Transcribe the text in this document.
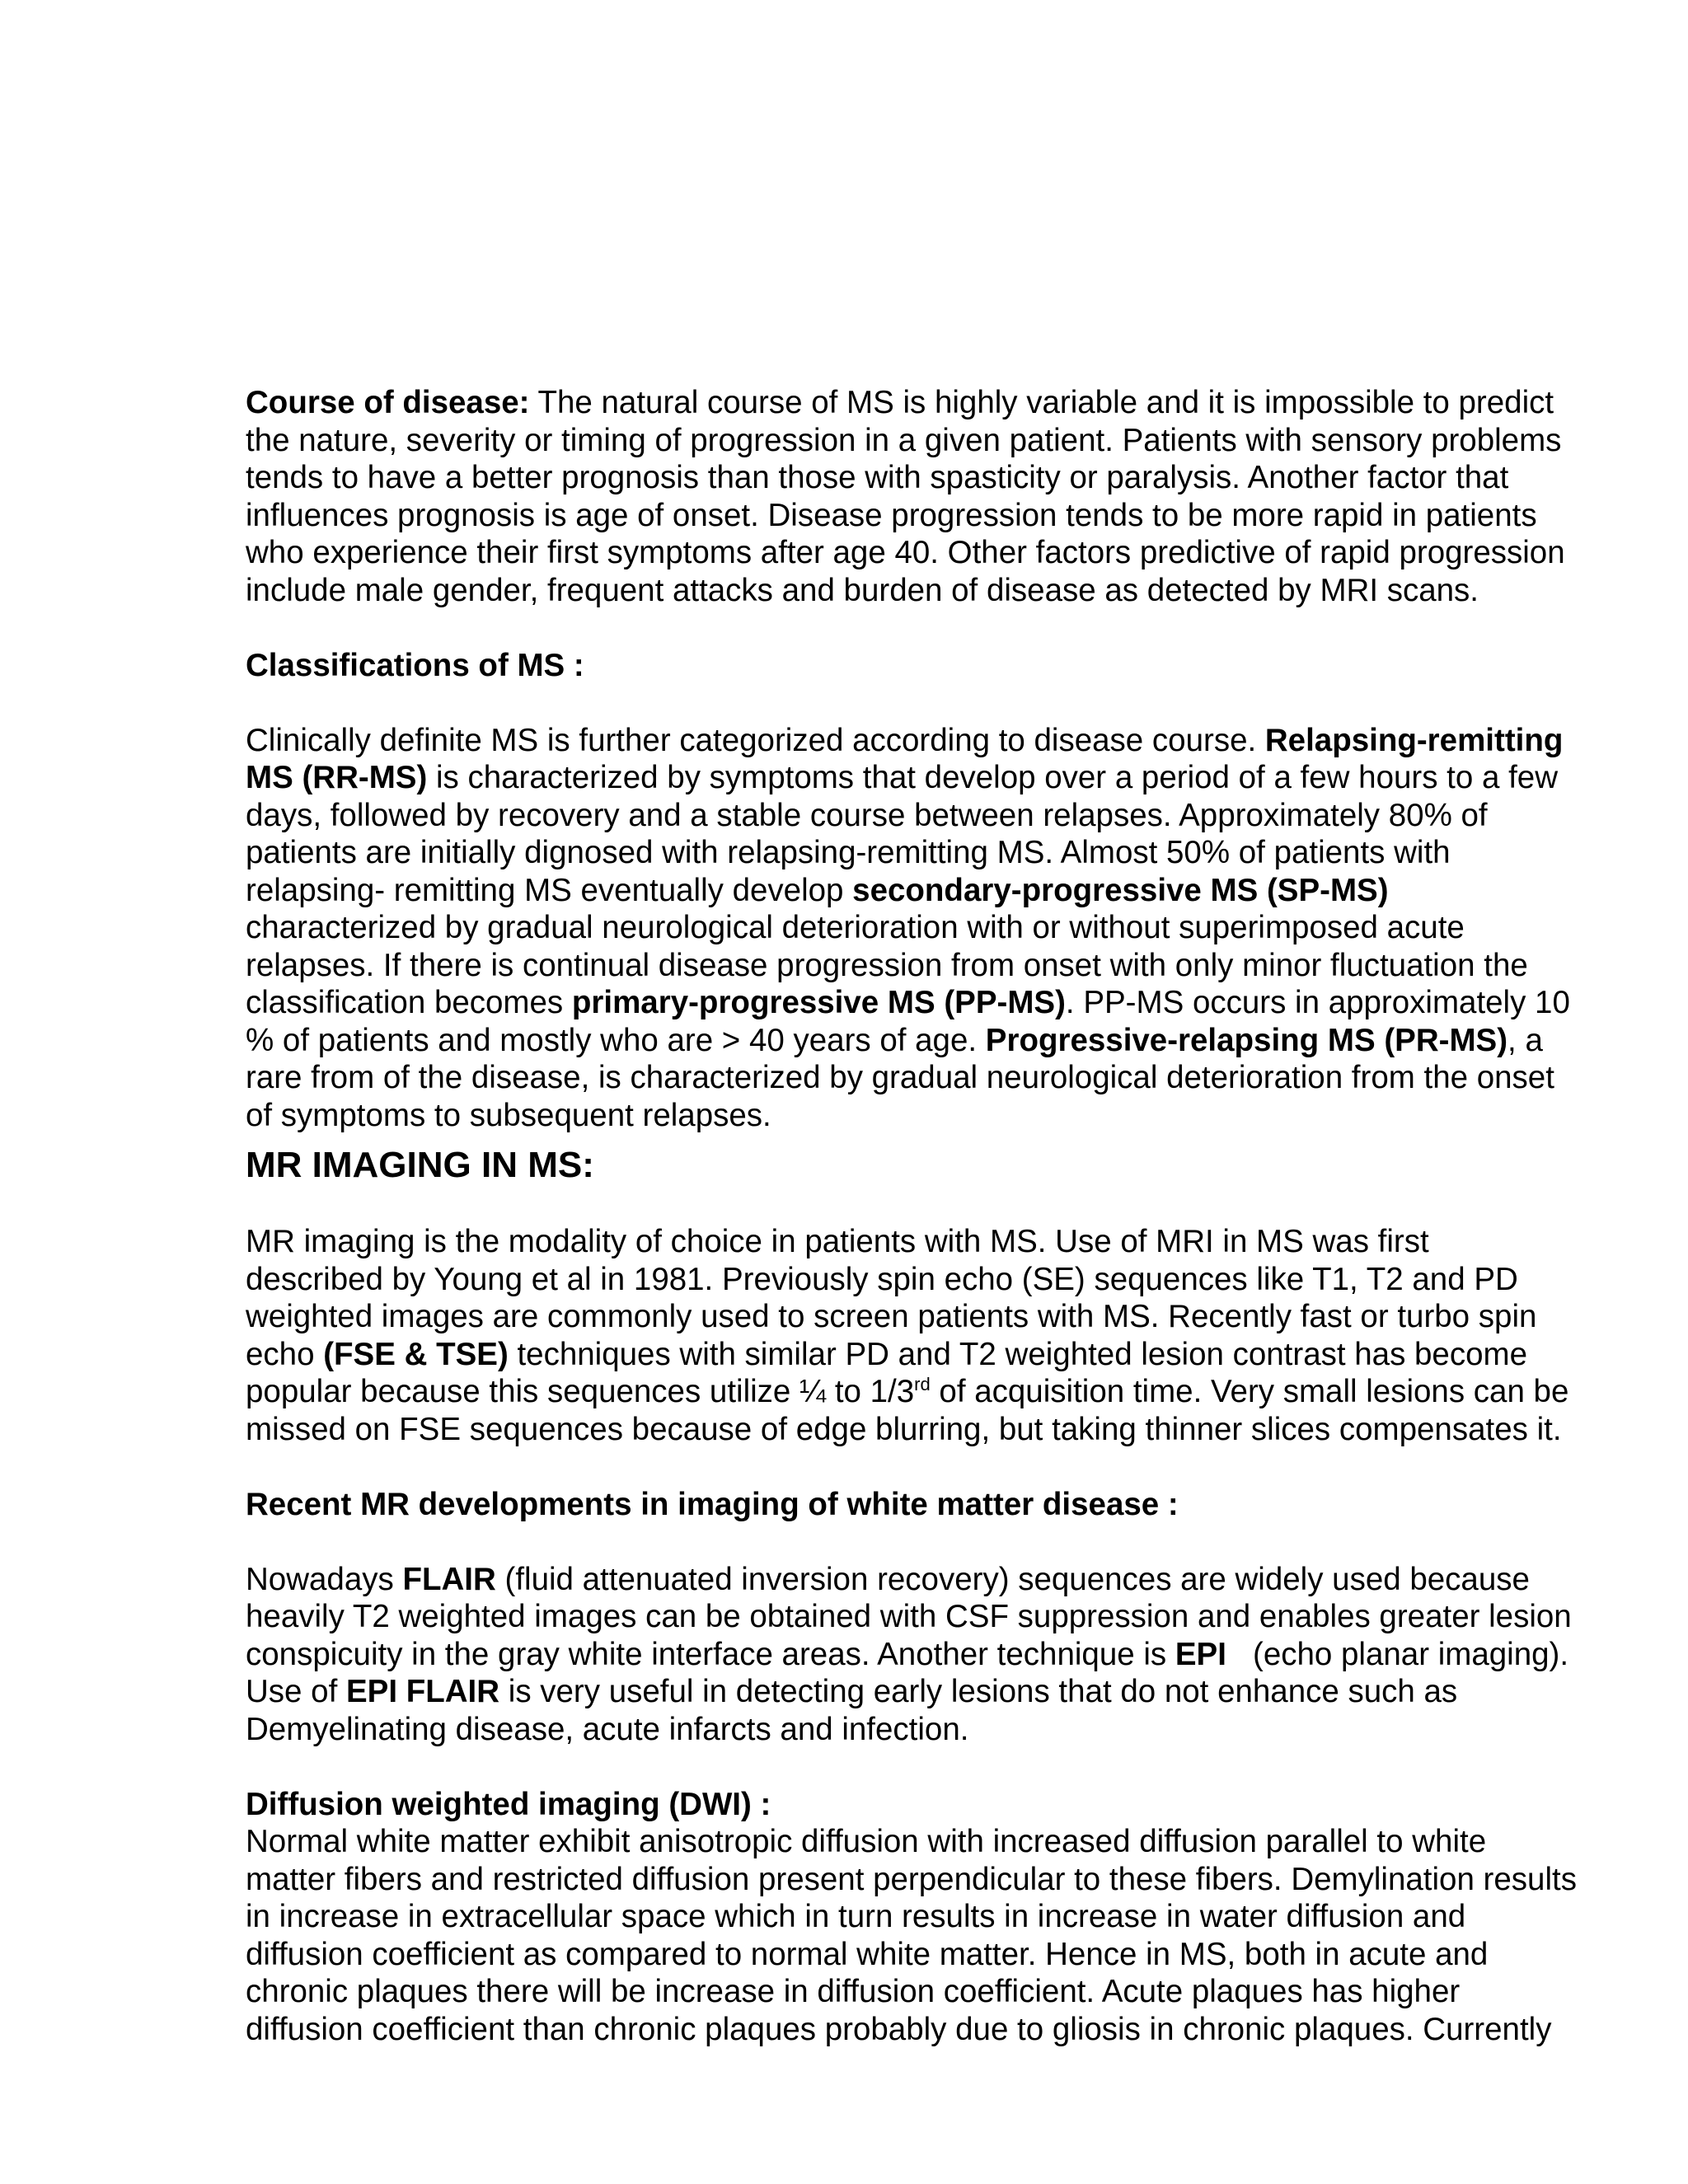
Course of disease: The natural course of MS is highly variable and it is impossible to predict
the nature, severity or timing of progression in a given patient. Patients with sensory problems
tends to have a better prognosis than those with spasticity or paralysis. Another factor that
influences prognosis is age of onset. Disease progression tends to be more rapid in patients
who experience their first symptoms after age 40. Other factors predictive of rapid progression
include male gender, frequent attacks and burden of disease as detected by MRI scans.
Classifications of MS :
Clinically definite MS is further categorized according to disease course. Relapsing-remitting
MS (RR-MS) is characterized by symptoms that develop over a period of a few hours to a few
days, followed by recovery and a stable course between relapses. Approximately 80% of
patients are initially dignosed with relapsing-remitting MS. Almost 50% of patients with
relapsing- remitting MS eventually develop secondary-progressive MS (SP-MS)
characterized by gradual neurological deterioration with or without superimposed acute
relapses. If there is continual disease progression from onset with only minor fluctuation the
classification becomes primary-progressive MS (PP-MS). PP-MS occurs in approximately 10
% of patients and mostly who are > 40 years of age. Progressive-relapsing MS (PR-MS), a
rare from of the disease, is characterized by gradual neurological deterioration from the onset
of symptoms to subsequent relapses.
MR IMAGING IN MS:
MR imaging is the modality of choice in patients with MS. Use of MRI in MS was first
described by Young et al in 1981. Previously spin echo (SE) sequences like T1, T2 and PD
weighted images are commonly used to screen patients with MS. Recently fast or turbo spin
echo (FSE & TSE) techniques with similar PD and T2 weighted lesion contrast has become
popular because this sequences utilize ¼ to 1/3rd of acquisition time. Very small lesions can be
missed on FSE sequences because of edge blurring, but taking thinner slices compensates it.
Recent MR developments in imaging of white matter disease :
Nowadays FLAIR (fluid attenuated inversion recovery) sequences are widely used because
heavily T2 weighted images can be obtained with CSF suppression and enables greater lesion
conspicuity in the gray white interface areas. Another technique is EPI   (echo planar imaging).
Use of EPI FLAIR is very useful in detecting early lesions that do not enhance such as
Demyelinating disease, acute infarcts and infection.
Diffusion weighted imaging (DWI) :
Normal white matter exhibit anisotropic diffusion with increased diffusion parallel to white
matter fibers and restricted diffusion present perpendicular to these fibers. Demylination results
in increase in extracellular space which in turn results in increase in water diffusion and
diffusion coefficient as compared to normal white matter. Hence in MS, both in acute and
chronic plaques there will be increase in diffusion coefficient. Acute plaques has higher
diffusion coefficient than chronic plaques probably due to gliosis in chronic plaques. Currently
